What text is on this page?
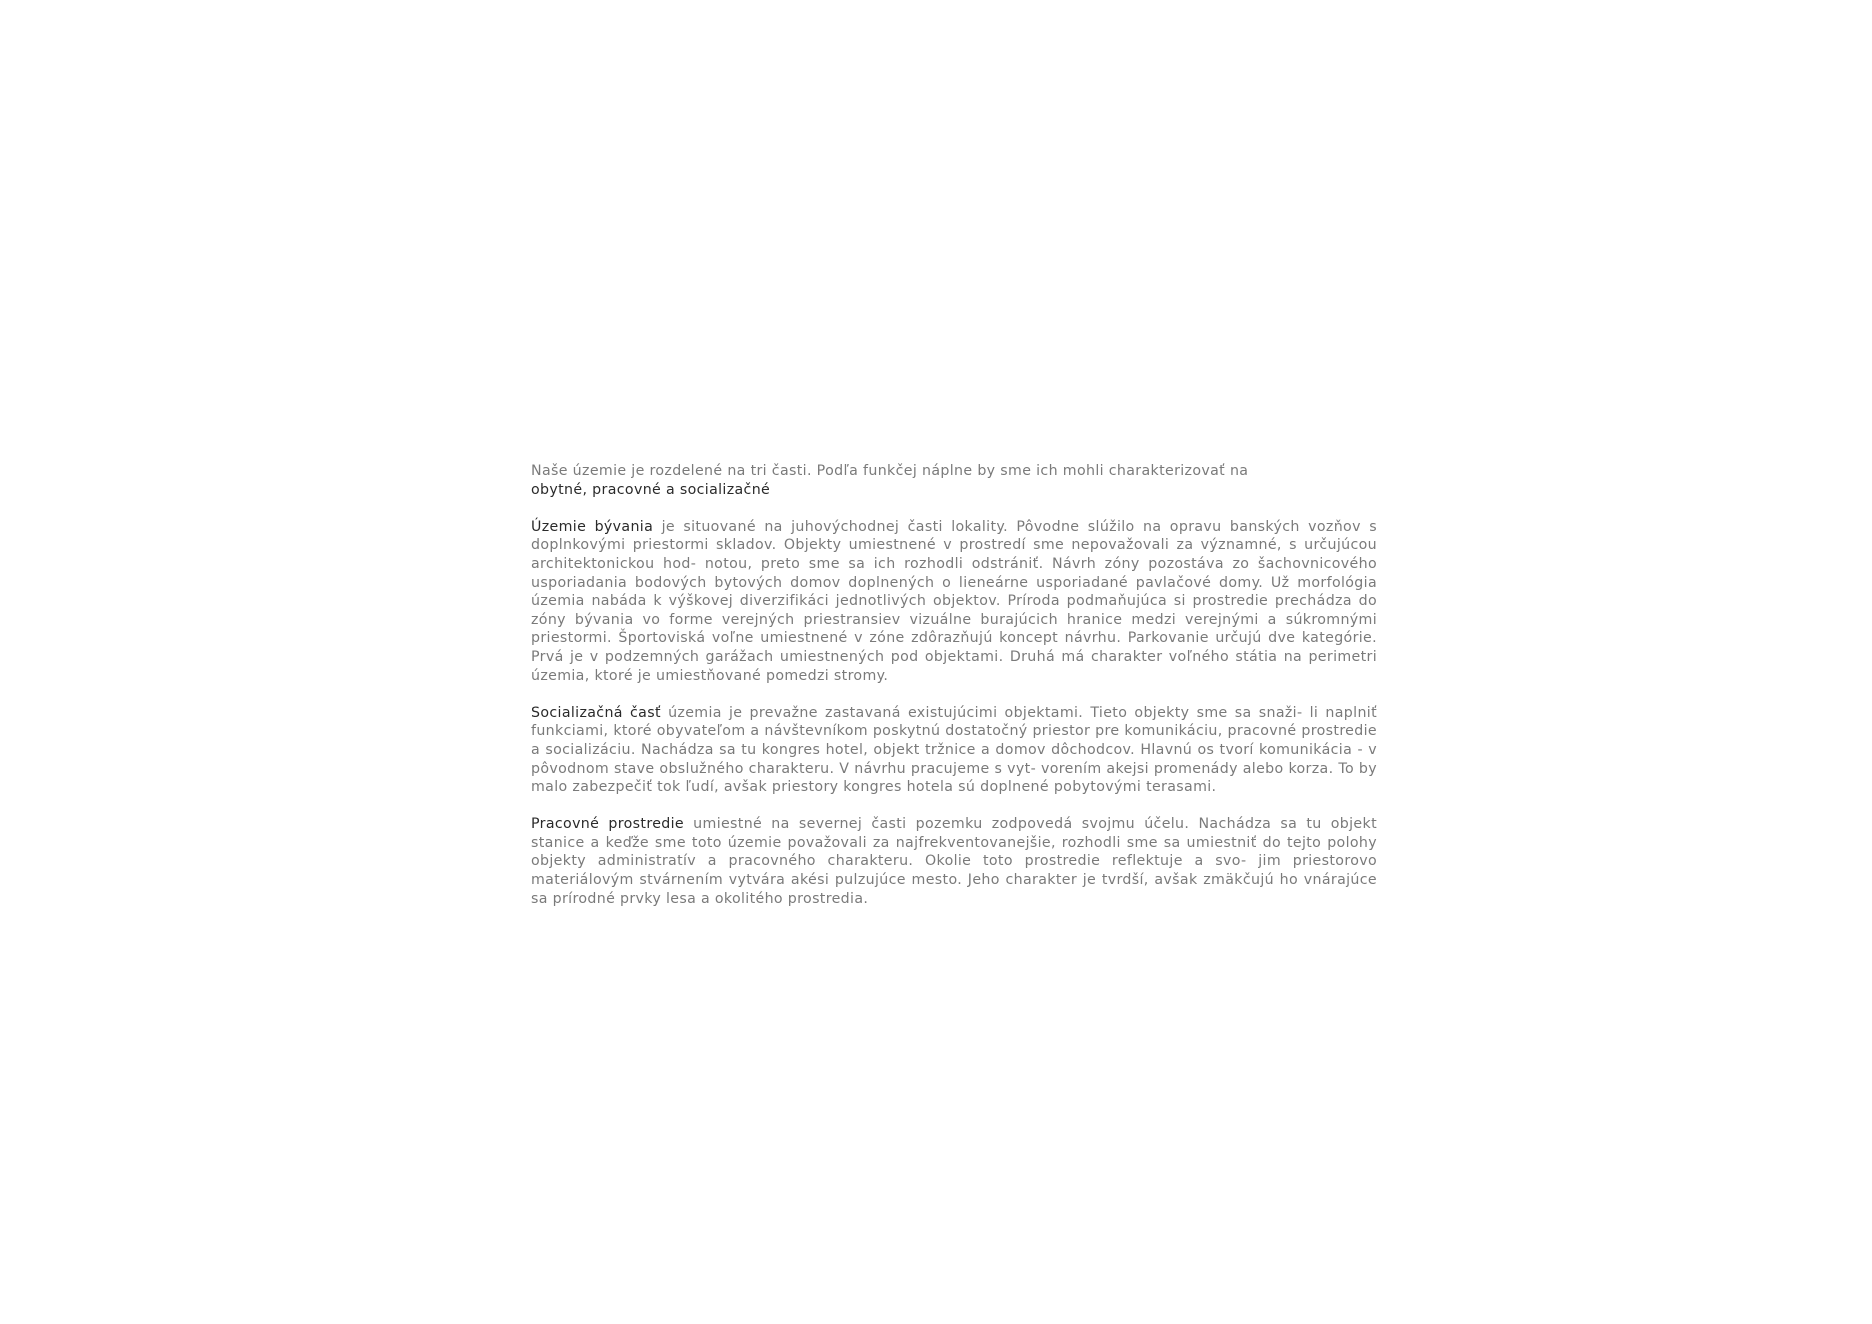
Naše územie je rozdelené na tri časti. Podľa funkčej náplne by sme ich mohli charakterizovať na
obytné, pracovné a socializačné

Územie bývania je situované na juhovýchodnej časti lokality. Pôvodne slúžilo na opravu banských vozňov s doplnkovými priestormi skladov. Objekty umiestnené v prostredí sme nepovažovali za významné, s určujúcou architektonickou hod- notou, preto sme sa ich rozhodli odstrániť. Návrh zóny pozostáva zo šachovnicového usporiadania bodových bytových domov doplnených o lieneárne usporiadané pavlačové domy. Už morfológia územia nabáda k výškovej diverzifikáci jednotlivých objektov. Príroda podmaňujúca si prostredie prechádza do zóny bývania vo forme verejných priestransiev vizuálne burajúcich hranice medzi verejnými a súkromnými priestormi. Športoviská voľne umiestnené v zóne zdôrazňujú koncept návrhu. Parkovanie určujú dve kategórie. Prvá je v podzemných garážach umiestnených pod objektami. Druhá má charakter voľného státia na perimetri územia, ktoré je umiestňované pomedzi stromy.

Socializačná časť územia je prevažne zastavaná existujúcimi objektami. Tieto objekty sme sa snaži- li naplniť funkciami, ktoré obyvateľom a návštevníkom poskytnú dostatočný priestor pre komunikáciu, pracovné prostredie a socializáciu. Nachádza sa tu kongres hotel, objekt tržnice a domov dôchodcov. Hlavnú os tvorí komunikácia - v pôvodnom stave obslužného charakteru. V návrhu pracujeme s vyt- vorením akejsi promenády alebo korza. To by malo zabezpečiť tok ľudí, avšak priestory kongres hotela sú doplnené pobytovými terasami.

Pracovné prostredie umiestné na severnej časti pozemku zodpovedá svojmu účelu. Nachádza sa tu objekt stanice a keďže sme toto územie považovali za najfrekventovanejšie, rozhodli sme sa umiestniť do tejto polohy objekty administratív a pracovného charakteru. Okolie toto prostredie reflektuje a svo- jim priestorovo materiálovým stvárnením vytvára akési pulzujúce mesto. Jeho charakter je tvrdší, avšak zmäkčujú ho vnárajúce sa prírodné prvky lesa a okolitého prostredia.
